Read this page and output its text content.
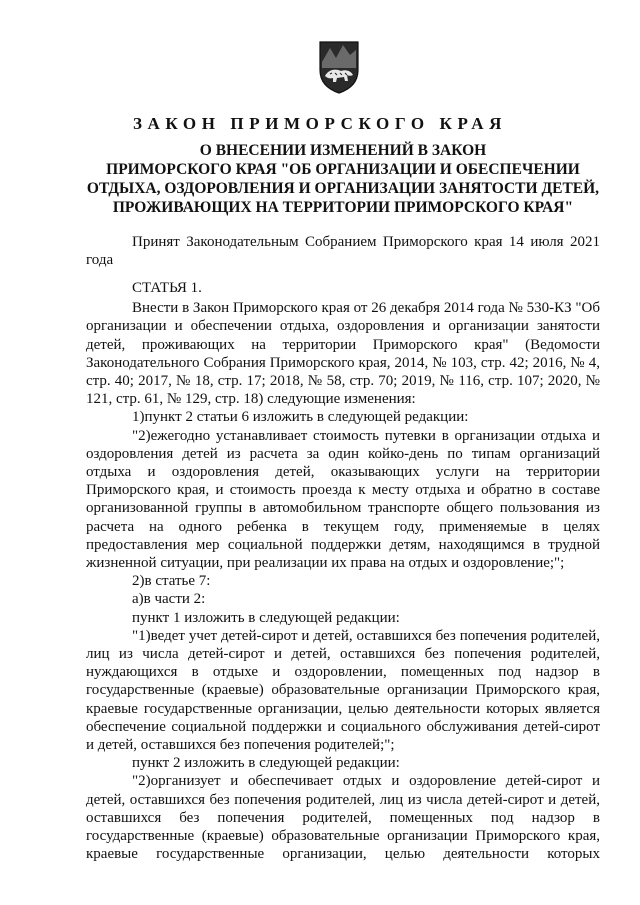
ЗАКОН ПРИМОРСКОГО КРАЯ
О ВНЕСЕНИИ ИЗМЕНЕНИЙ В ЗАКОН
ПРИМОРСКОГО КРАЯ "ОБ ОРГАНИЗАЦИИ И ОБЕСПЕЧЕНИИ
ОТДЫХА, ОЗДОРОВЛЕНИЯ И ОРГАНИЗАЦИИ ЗАНЯТОСТИ ДЕТЕЙ,
ПРОЖИВАЮЩИХ НА ТЕРРИТОРИИ ПРИМОРСКОГО КРАЯ"
Принят Законодательным Собранием Приморского края 14 июля 2021 года

СТАТЬЯ 1.

Внести в Закон Приморского края от 26 декабря 2014 года № 530-КЗ "Об организации и обеспечении отдыха, оздоровления и организации занятости детей, проживающих на территории Приморского края" (Ведомости Законодательного Собрания Приморского края, 2014, № 103, стр. 42; 2016, № 4, стр. 40; 2017, № 18, стр. 17; 2018, № 58, стр. 70; 2019, № 116, стр. 107; 2020, № 121, стр. 61, № 129, стр. 18) следующие изменения:

1)пункт 2 статьи 6 изложить в следующей редакции:

"2)ежегодно устанавливает стоимость путевки в организации отдыха и оздоровления детей из расчета за один койко-день по типам организаций отдыха и оздоровления детей, оказывающих услуги на территории Приморского края, и стоимость проезда к месту отдыха и обратно в составе организованной группы в автомобильном транспорте общего пользования из расчета на одного ребенка в текущем году, применяемые в целях предоставления мер социальной поддержки детям, находящимся в трудной жизненной ситуации, при реализации их права на отдых и оздоровление;";

2)в статье 7:

а)в части 2:

пункт 1 изложить в следующей редакции:

"1)ведет учет детей-сирот и детей, оставшихся без попечения родителей, лиц из числа детей-сирот и детей, оставшихся без попечения родителей, нуждающихся в отдыхе и оздоровлении, помещенных под надзор в государственные (краевые) образовательные организации Приморского края, краевые государственные организации, целью деятельности которых является обеспечение социальной поддержки и социального обслуживания детей-сирот и детей, оставшихся без попечения родителей;";

пункт 2 изложить в следующей редакции:

"2)организует и обеспечивает отдых и оздоровление детей-сирот и детей, оставшихся без попечения родителей, лиц из числа детей-сирот и детей, оставшихся без попечения родителей, помещенных под надзор в государственные (краевые) образовательные организации Приморского края, краевые государственные организации, целью деятельности которых
